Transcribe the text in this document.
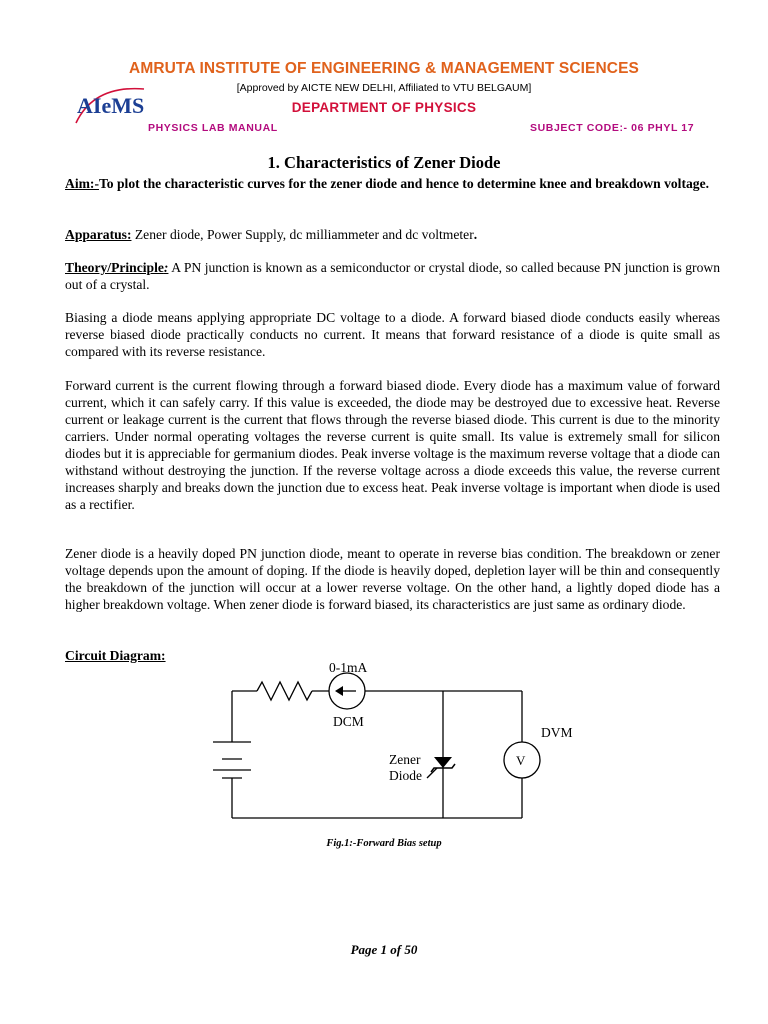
AMRUTA INSTITUTE OF ENGINEERING & MANAGEMENT SCIENCES
AIeMS
[Approved by AICTE NEW DELHI, Affiliated to VTU BELGAUM]
DEPARTMENT OF PHYSICS
PHYSICS LAB MANUAL	SUBJECT CODE:- 06 PHYL 17
1. Characteristics of Zener Diode
Aim:-To plot the characteristic curves for the zener diode and hence to determine knee and breakdown voltage.
Apparatus: Zener diode, Power Supply, dc milliammeter and dc voltmeter.
Theory/Principle: A PN junction is known as a semiconductor or crystal diode, so called because PN junction is grown out of a crystal.
Biasing a diode means applying appropriate DC voltage to a diode. A forward biased diode conducts easily whereas reverse biased diode practically conducts no current. It means that forward resistance of a diode is quite small as compared with its reverse resistance.
Forward current is the current flowing through a forward biased diode. Every diode has a maximum value of forward current, which it can safely carry. If this value is exceeded, the diode may be destroyed due to excessive heat. Reverse current or leakage current is the current that flows through the reverse biased diode. This current is due to the minority carriers. Under normal operating voltages the reverse current is quite small. Its value is extremely small for silicon diodes but it is appreciable for germanium diodes. Peak inverse voltage is the maximum reverse voltage that a diode can withstand without destroying the junction. If the reverse voltage across a diode exceeds this value, the reverse current increases sharply and breaks down the junction due to excess heat. Peak inverse voltage is important when diode is used as a rectifier.
Zener diode is a heavily doped PN junction diode, meant to operate in reverse bias condition. The breakdown or zener voltage depends upon the amount of doping. If the diode is heavily doped, depletion layer will be thin and consequently the breakdown of the junction will occur at a lower reverse voltage. On the other hand, a lightly doped diode has a higher breakdown voltage. When zener diode is forward biased, its characteristics are just same as ordinary diode.
Circuit Diagram:
0-1mA
DCM
DVM
V
Zener
Diode
Fig.1:-Forward Bias setup
Page 1 of 50
